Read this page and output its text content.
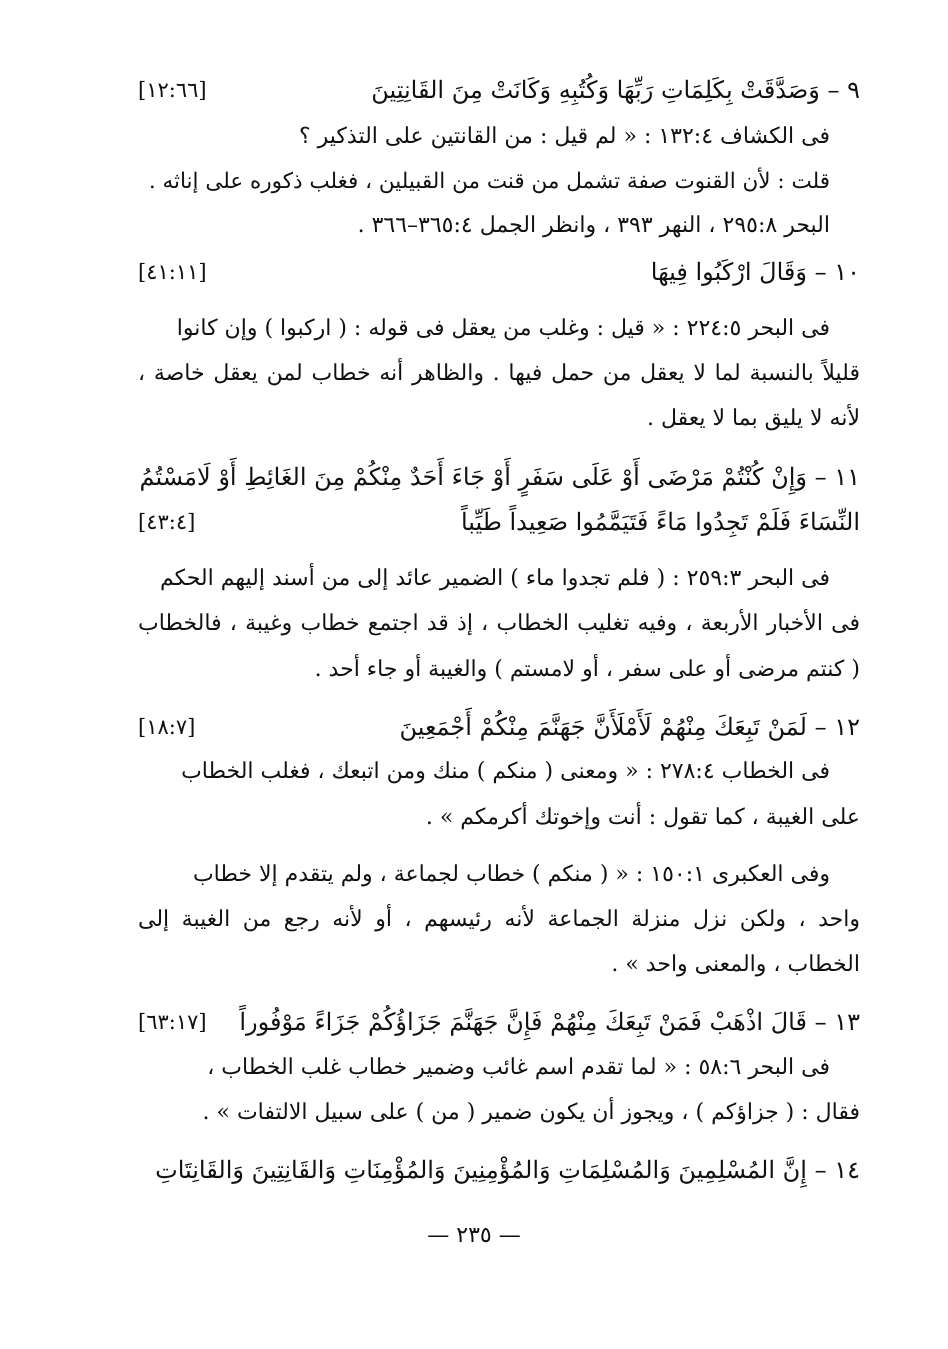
٩ – وَصَدَّقَتْ بِكَلِمَاتِ رَبِّهَا وَكُتُبِهِ وَكَانَتْ مِنَ القَانِتِينَ
[١٢:٦٦]
فى الكشاف ١٣٢:٤ : « لم قيل : من القانتين على التذكير ؟
قلت : لأن القنوت صفة تشمل من قنت من القبيلين ، فغلب ذكوره على إناثه .
البحر ٢٩٥:٨ ، النهر ٣٩٣ ، وانظر الجمل ٣٦٥:٤–٣٦٦ .
١٠ – وَقَالَ ارْكَبُوا فِيهَا
[٤١:١١]
فى البحر ٢٢٤:٥ : « قيل : وغلب من يعقل فى قوله : ( اركبوا ) وإن كانوا
قليلاً بالنسبة لما لا يعقل من حمل فيها . والظاهر أنه خطاب لمن يعقل خاصة ،
لأنه لا يليق بما لا يعقل .
١١ – وَإِنْ كُنْتُمْ مَرْضَى أَوْ عَلَى سَفَرٍ أَوْ جَاءَ أَحَدٌ مِنْكُمْ مِنَ الغَائِطِ أَوْ لَامَسْتُمُ
النِّسَاءَ فَلَمْ تَجِدُوا مَاءً فَتَيَمَّمُوا صَعِيداً طَيِّباً
[٤٣:٤]
فى البحر ٢٥٩:٣ : ( فلم تجدوا ماء ) الضمير عائد إلى من أسند إليهم الحكم
فى الأخبار الأربعة ، وفيه تغليب الخطاب ، إذ قد اجتمع خطاب وغيبة ، فالخطاب
( كنتم مرضى أو على سفر ، أو لامستم ) والغيبة أو جاء أحد .
١٢ – لَمَنْ تَبِعَكَ مِنْهُمْ لَأَمْلَأَنَّ جَهَنَّمَ مِنْكُمْ أَجْمَعِينَ
[١٨:٧]
فى الخطاب ٢٧٨:٤ : « ومعنى ( منكم ) منك ومن اتبعك ، فغلب الخطاب
على الغيبة ، كما تقول : أنت وإخوتك أكرمكم » .
وفى العكبرى ١٥٠:١ : « ( منكم ) خطاب لجماعة ، ولم يتقدم إلا خطاب
واحد ، ولكن نزل منزلة الجماعة لأنه رئيسهم ، أو لأنه رجع من الغيبة إلى
الخطاب ، والمعنى واحد » .
١٣ – قَالَ اذْهَبْ فَمَنْ تَبِعَكَ مِنْهُمْ فَإِنَّ جَهَنَّمَ جَزَاؤُكُمْ جَزَاءً مَوْفُوراً
[٦٣:١٧]
فى البحر ٥٨:٦ : « لما تقدم اسم غائب وضمير خطاب غلب الخطاب ،
فقال : ( جزاؤكم ) ، ويجوز أن يكون ضمير ( من ) على سبيل الالتفات » .
١٤ – إِنَّ المُسْلِمِينَ وَالمُسْلِمَاتِ وَالمُؤْمِنِينَ وَالمُؤْمِنَاتِ وَالقَانِتِينَ وَالقَانِتَاتِ
— ٢٣٥ —
